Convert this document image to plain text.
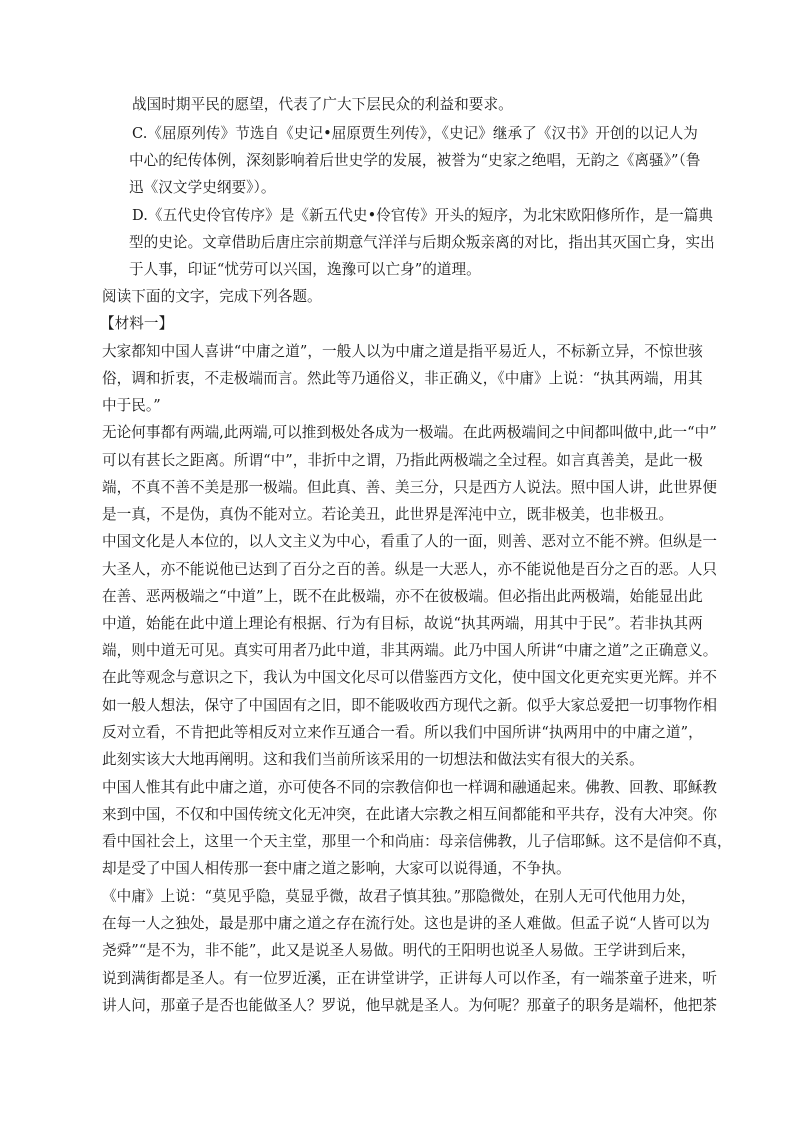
战国时期平民的愿望，代表了广大下层民众的利益和要求。
C.《屈原列传》节选自《史记•屈原贾生列传》，《史记》继承了《汉书》开创的以记人为
中心的纪传体例，深刻影响着后世史学的发展，被誉为“史家之绝唱，无韵之《离骚》”（鲁
迅《汉文学史纲要》）。
D.《五代史伶官传序》是《新五代史•伶官传》开头的短序，为北宋欧阳修所作，是一篇典
型的史论。文章借助后唐庄宗前期意气洋洋与后期众叛亲离的对比，指出其灭国亡身，实出
于人事，印证“忧劳可以兴国，逸豫可以亡身”的道理。
阅读下面的文字，完成下列各题。
【材料一】
大家都知中国人喜讲“中庸之道”，一般人以为中庸之道是指平易近人，不标新立异，不惊世骇
俗，调和折衷，不走极端而言。然此等乃通俗义，非正确义，《中庸》上说：“执其两端，用其
中于民。”
无论何事都有两端,此两端,可以推到极处各成为一极端。在此两极端间之中间都叫做中,此一“中”
可以有甚长之距离。所谓“中”，非折中之谓，乃指此两极端之全过程。如言真善美，是此一极
端，不真不善不美是那一极端。但此真、善、美三分，只是西方人说法。照中国人讲，此世界便
是一真，不是伪，真伪不能对立。若论美丑，此世界是浑沌中立，既非极美，也非极丑。
中国文化是人本位的，以人文主义为中心，看重了人的一面，则善、恶对立不能不辨。但纵是一
大圣人，亦不能说他已达到了百分之百的善。纵是一大恶人，亦不能说他是百分之百的恶。人只
在善、恶两极端之“中道”上，既不在此极端，亦不在彼极端。但必指出此两极端，始能显出此
中道，始能在此中道上理论有根据、行为有目标，故说“执其两端，用其中于民”。若非执其两
端，则中道无可见。真实可用者乃此中道，非其两端。此乃中国人所讲“中庸之道”之正确意义。
在此等观念与意识之下，我认为中国文化尽可以借鉴西方文化，使中国文化更充实更光辉。并不
如一般人想法，保守了中国固有之旧，即不能吸收西方现代之新。似乎大家总爱把一切事物作相
反对立看，不肯把此等相反对立来作互通合一看。所以我们中国所讲“执两用中的中庸之道”，
此刻实该大大地再阐明。这和我们当前所该采用的一切想法和做法实有很大的关系。
中国人惟其有此中庸之道，亦可使各不同的宗教信仰也一样调和融通起来。佛教、回教、耶稣教
来到中国，不仅和中国传统文化无冲突，在此诸大宗教之相互间都能和平共存，没有大冲突。你
看中国社会上，这里一个天主堂，那里一个和尚庙：母亲信佛教，儿子信耶稣。这不是信仰不真，
却是受了中国人相传那一套中庸之道之影响，大家可以说得通，不争执。
《中庸》上说：“莫见乎隐，莫显乎微，故君子慎其独。”那隐微处，在别人无可代他用力处，
在每一人之独处，最是那中庸之道之存在流行处。这也是讲的圣人难做。但孟子说“人皆可以为
尧舜”“是不为，非不能”，此又是说圣人易做。明代的王阳明也说圣人易做。王学讲到后来，
说到满街都是圣人。有一位罗近溪，正在讲堂讲学，正讲每人可以作圣，有一端茶童子进来，听
讲人问，那童子是否也能做圣人？罗说，他早就是圣人。为何呢？那童子的职务是端杯，他把茶
